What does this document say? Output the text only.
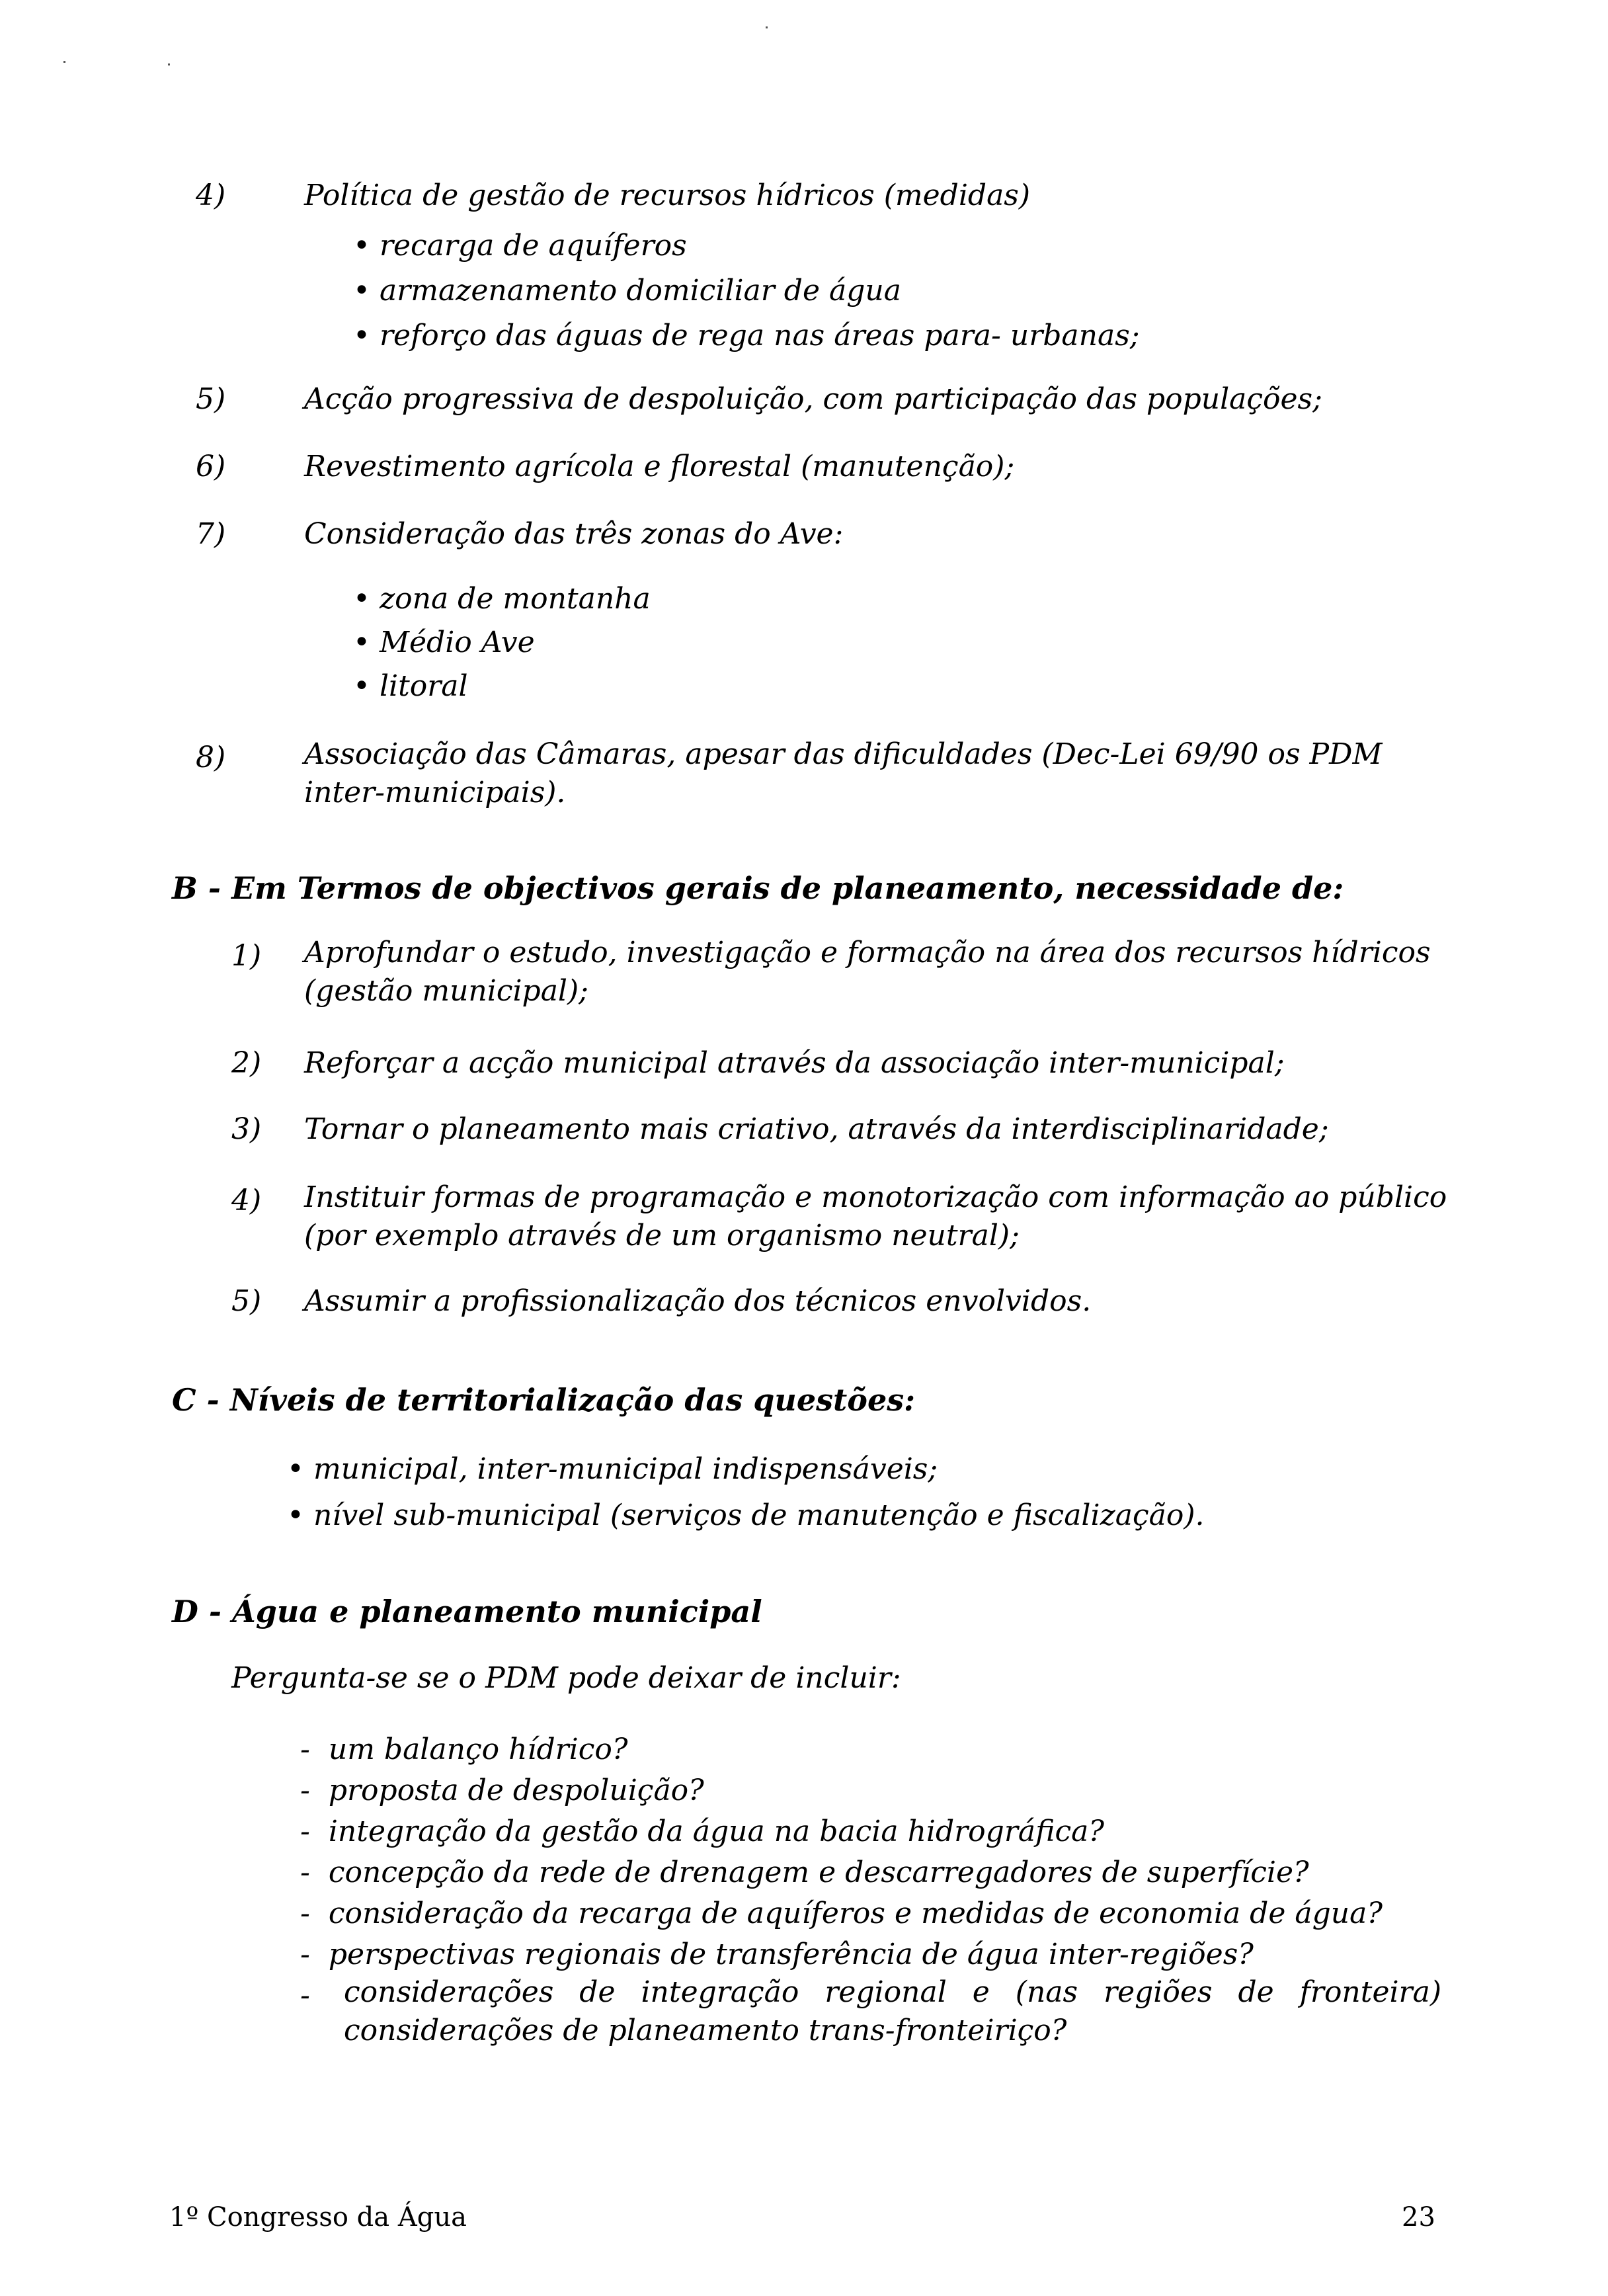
4)	Política de gestão de recursos hídricos (medidas)
• recarga de aquíferos
• armazenamento domiciliar de água
• reforço das águas de rega nas áreas para- urbanas;
5)	Acção progressiva de despoluição, com participação das populações;
6)	Revestimento agrícola e florestal (manutenção);
7)	Consideração das três zonas do Ave:
• zona de montanha
• Médio Ave
• litoral
8)	Associação das Câmaras, apesar das dificuldades (Dec-Lei 69/90 os PDM inter-municipais).
B - Em Termos de objectivos gerais de planeamento, necessidade de:
1) Aprofundar o estudo, investigação e formação na área dos recursos hídricos (gestão municipal);
2) Reforçar a acção municipal através da associação inter-municipal;
3) Tornar o planeamento mais criativo, através da interdisciplinaridade;
4) Instituir formas de programação e monotorização com informação ao público (por exemplo através de um organismo neutral);
5) Assumir a profissionalização dos técnicos envolvidos.
C - Níveis de territorialização das questões:
• municipal, inter-municipal indispensáveis;
• nível sub-municipal (serviços de manutenção e fiscalização).
D - Água e planeamento municipal
Pergunta-se se o PDM pode deixar de incluir:
- um balanço hídrico?
- proposta de despoluição?
- integração da gestão da água na bacia hidrográfica?
- concepção da rede de drenagem e descarregadores de superfície?
- consideração da recarga de aquíferos e medidas de economia de água?
- perspectivas regionais de transferência de água inter-regiões?
- considerações de integração regional e (nas regiões de fronteira) considerações de planeamento trans-fronteiriço?
1º Congresso da Água	23
